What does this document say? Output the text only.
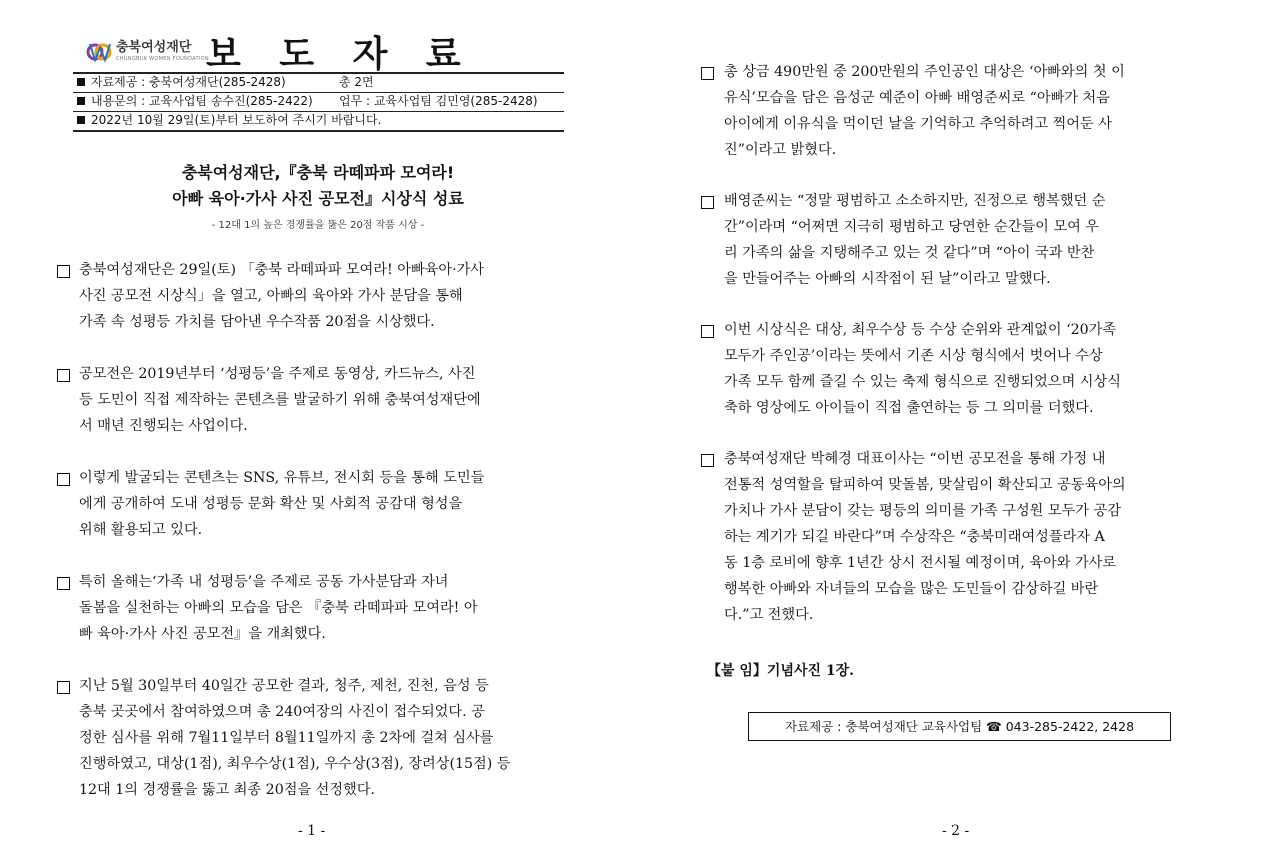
충북여성재단
CHUNGBUK WOMEN FOUNDATION
보 도 자 료
자료제공 : 충북여성재단(285-2428)	총 2면
내용문의 : 교육사업팀 송수진(285-2422)	업무 : 교육사업팀 김민영(285-2428)
2022년 10월 29일(토)부터 보도하여 주시기 바랍니다.
충북여성재단,『충북 라떼파파 모여라!
아빠 육아·가사 사진 공모전』시상식 성료
- 12대 1의 높은 경쟁률을 뚫은 20점 작품 시상 -
충북여성재단은 29일(토) 「충북 라떼파파 모여라! 아빠육아·가사
사진 공모전 시상식」을 열고, 아빠의 육아와 가사 분담을 통해
가족 속 성평등 가치를 담아낸 우수작품 20점을 시상했다.
공모전은 2019년부터 ‘성평등’을 주제로 동영상, 카드뉴스, 사진
등 도민이 직접 제작하는 콘텐츠를 발굴하기 위해 충북여성재단에
서 매년 진행되는 사업이다.
이렇게 발굴되는 콘텐츠는 SNS, 유튜브, 전시회 등을 통해 도민들
에게 공개하여 도내 성평등 문화 확산 및 사회적 공감대 형성을
위해 활용되고 있다.
특히 올해는‘가족 내 성평등’을 주제로 공동 가사분담과 자녀
돌봄을 실천하는 아빠의 모습을 담은 『충북 라떼파파 모여라! 아
빠 육아·가사 사진 공모전』을 개최했다.
지난 5월 30일부터 40일간 공모한 결과, 청주, 제천, 진천, 음성 등
충북 곳곳에서 참여하였으며 총 240여장의 사진이 접수되었다. 공
정한 심사를 위해 7월11일부터 8월11일까지 총 2차에 걸쳐 심사를
진행하였고, 대상(1점), 최우수상(1점), 우수상(3점), 장려상(15점) 등
12대 1의 경쟁률을 뚫고 최종 20점을 선정했다.
- 1 -
총 상금 490만원 중 200만원의 주인공인 대상은 ‘아빠와의 첫 이
유식’모습을 담은 음성군 예준이 아빠 배영준씨로 “아빠가 처음
아이에게 이유식을 먹이던 날을 기억하고 추억하려고 찍어둔 사
진”이라고 밝혔다.
배영준씨는 “정말 평범하고 소소하지만, 진정으로 행복했던 순
간”이라며 “어쩌면 지극히 평범하고 당연한 순간들이 모여 우
리 가족의 삶을 지탱해주고 있는 것 같다”며 “아이 국과 반찬
을 만들어주는 아빠의 시작점이 된 날”이라고 말했다.
이번 시상식은 대상, 최우수상 등 수상 순위와 관계없이 ‘20가족
모두가 주인공’이라는 뜻에서 기존 시상 형식에서 벗어나 수상
가족 모두 함께 즐길 수 있는 축제 형식으로 진행되었으며 시상식
축하 영상에도 아이들이 직접 출연하는 등 그 의미를 더했다.
충북여성재단 박혜경 대표이사는 “이번 공모전을 통해 가정 내
전통적 성역할을 탈피하여 맞돌봄, 맞살림이 확산되고 공동육아의
가치나 가사 분담이 갖는 평등의 의미를 가족 구성원 모두가 공감
하는 계기가 되길 바란다”며 수상작은 “충북미래여성플라자 A
동 1층 로비에 향후 1년간 상시 전시될 예정이며, 육아와 가사로
행복한 아빠와 자녀들의 모습을 많은 도민들이 감상하길 바란
다.”고 전했다.
- 2 -
【붙 임】기념사진 1장.
자료제공 : 충북여성재단 교육사업팀 ☎ 043-285-2422, 2428
